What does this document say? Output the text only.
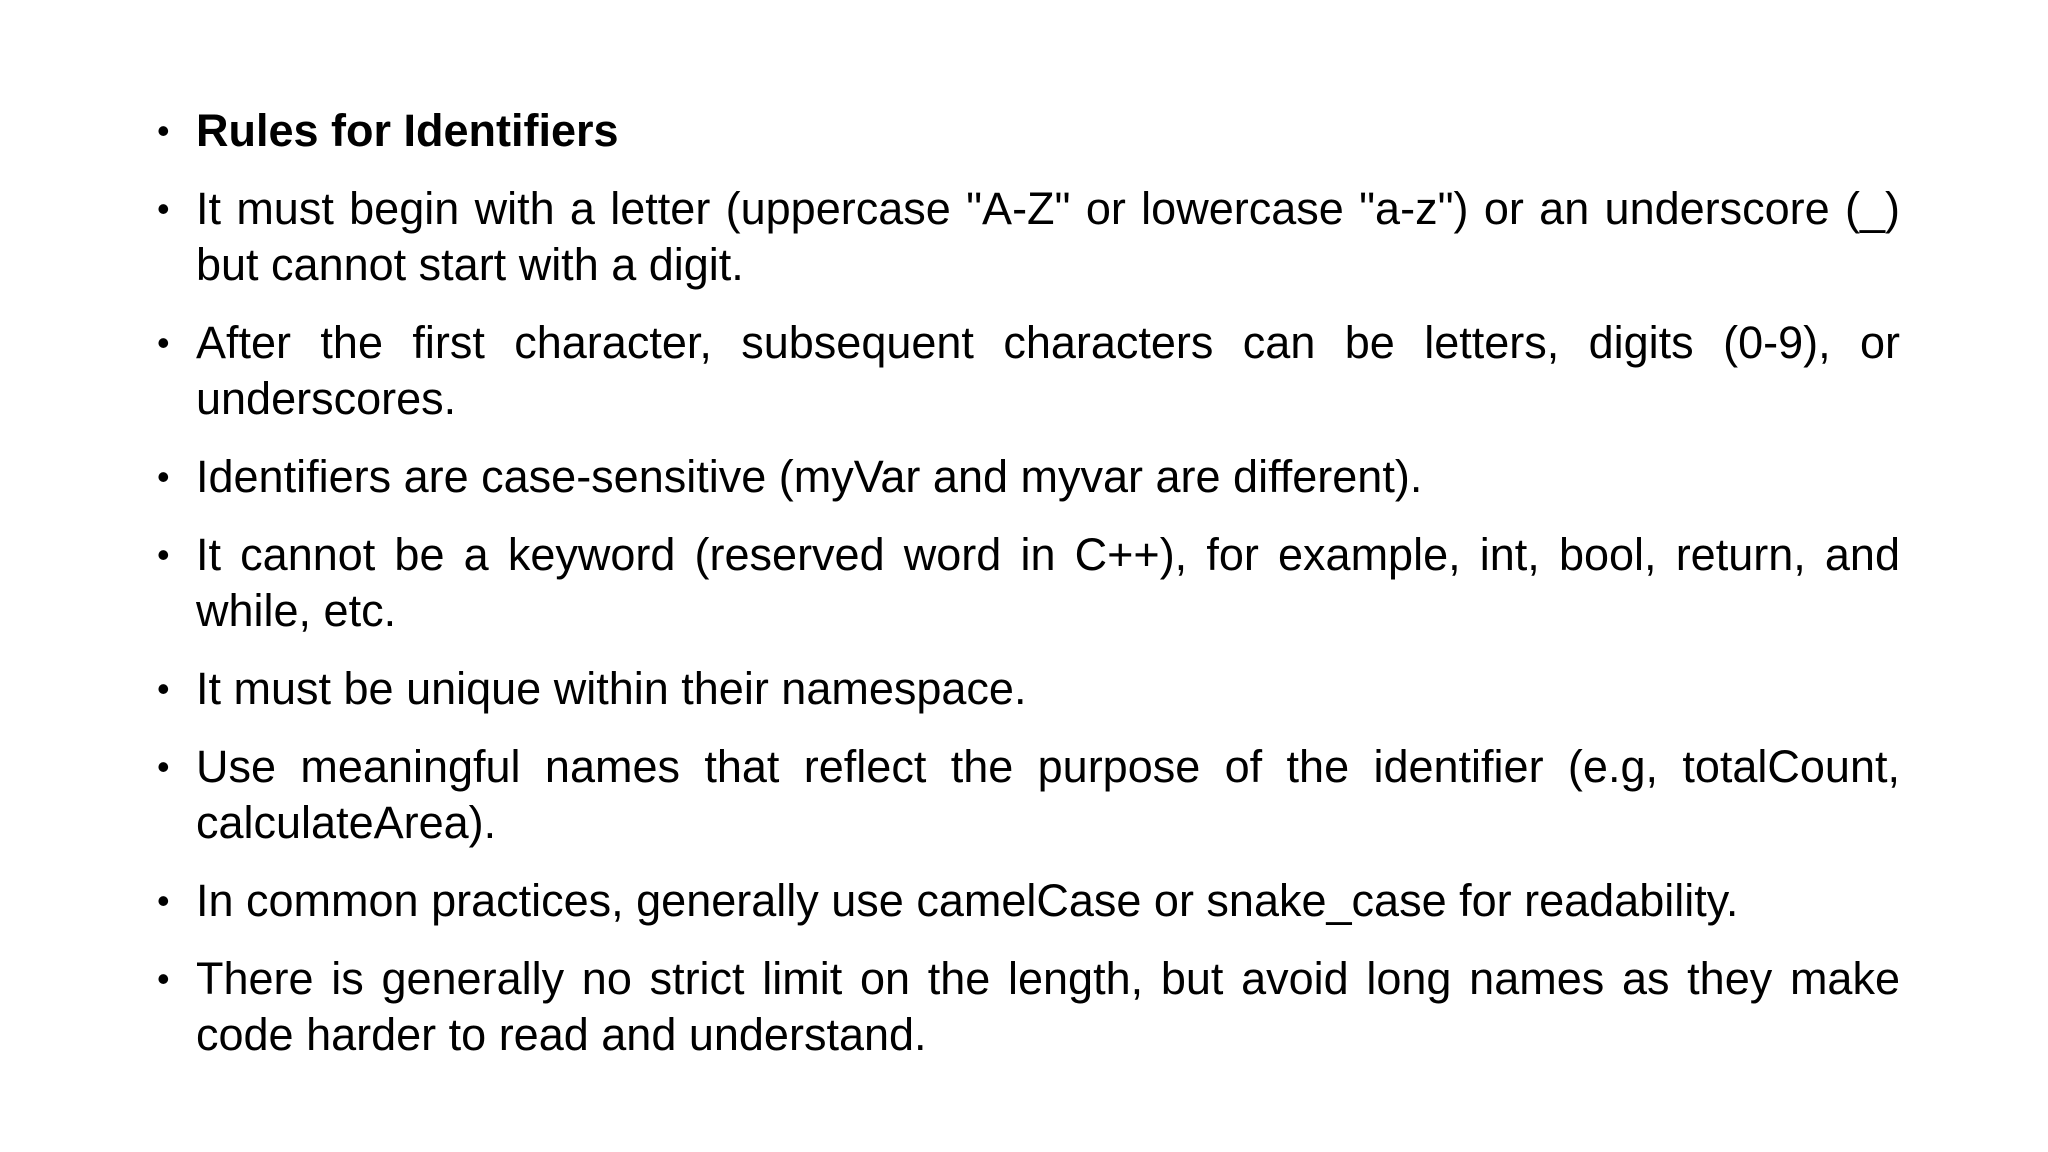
• Rules for Identifiers
• It must begin with a letter (uppercase "A-Z" or lowercase "a-z") or an underscore (_) but cannot start with a digit.
• After the first character, subsequent characters can be letters, digits (0-9), or underscores.
• Identifiers are case-sensitive (myVar and myvar are different).
• It cannot be a keyword (reserved word in C++), for example, int, bool, return, and while, etc.
• It must be unique within their namespace.
• Use meaningful names that reflect the purpose of the identifier (e.g, totalCount, calculateArea).
• In common practices, generally use camelCase or snake_case for readability.
• There is generally no strict limit on the length, but avoid long names as they make code harder to read and understand.
